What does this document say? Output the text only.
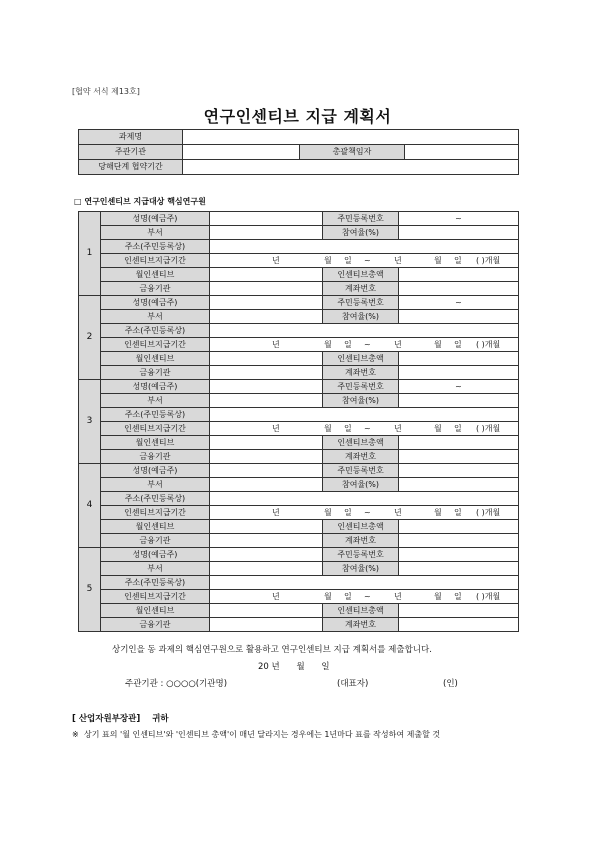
[협약 서식 제13호]
연구인센티브 지급 계획서
과제명			
주관기관		총괄책임자	
당해단계 협약기간			
□ 연구인센티브 지급대상 핵심연구원
1	성명(예금주)		주민등록번호	~
	부서		참여율(%)	
	주소(주민등록상)			
	인센티브지급기간	년 월 일 ~ 년 월 일 ( )개월		
	월인센티브		인센티브총액	
	금융기관		계좌번호	
2	성명(예금주)		주민등록번호	~
	부서		참여율(%)	
	주소(주민등록상)			
	인센티브지급기간	년 월 일 ~ 년 월 일 ( )개월		
	월인센티브		인센티브총액	
	금융기관		계좌번호	
3	성명(예금주)		주민등록번호	~
	부서		참여율(%)	
	주소(주민등록상)			
	인센티브지급기간	년 월 일 ~ 년 월 일 ( )개월		
	월인센티브		인센티브총액	
	금융기관		계좌번호	
4	성명(예금주)		주민등록번호	
	부서		참여율(%)	
	주소(주민등록상)			
	인센티브지급기간	년 월 일 ~ 년 월 일 ( )개월		
	월인센티브		인센티브총액	
	금융기관		계좌번호	
5	성명(예금주)		주민등록번호	
	부서		참여율(%)	
	주소(주민등록상)			
	인센티브지급기간	년 월 일 ~ 년 월 일 ( )개월		
	월인센티브		인센티브총액	
	금융기관		계좌번호	
상기인을 동 과제의 핵심연구원으로 활용하고 연구인센티브 지급 계획서를 제출합니다.
20 년 월 일
주관기관 : ○○○○(기관명)	(대표자)	(인)
[ 산업자원부장관] 귀하
※ 상기 표의 '월 인센티브'와 '인센티브 총액'이 매년 달라지는 경우에는 1년마다 표를 작성하여 제출할 것
